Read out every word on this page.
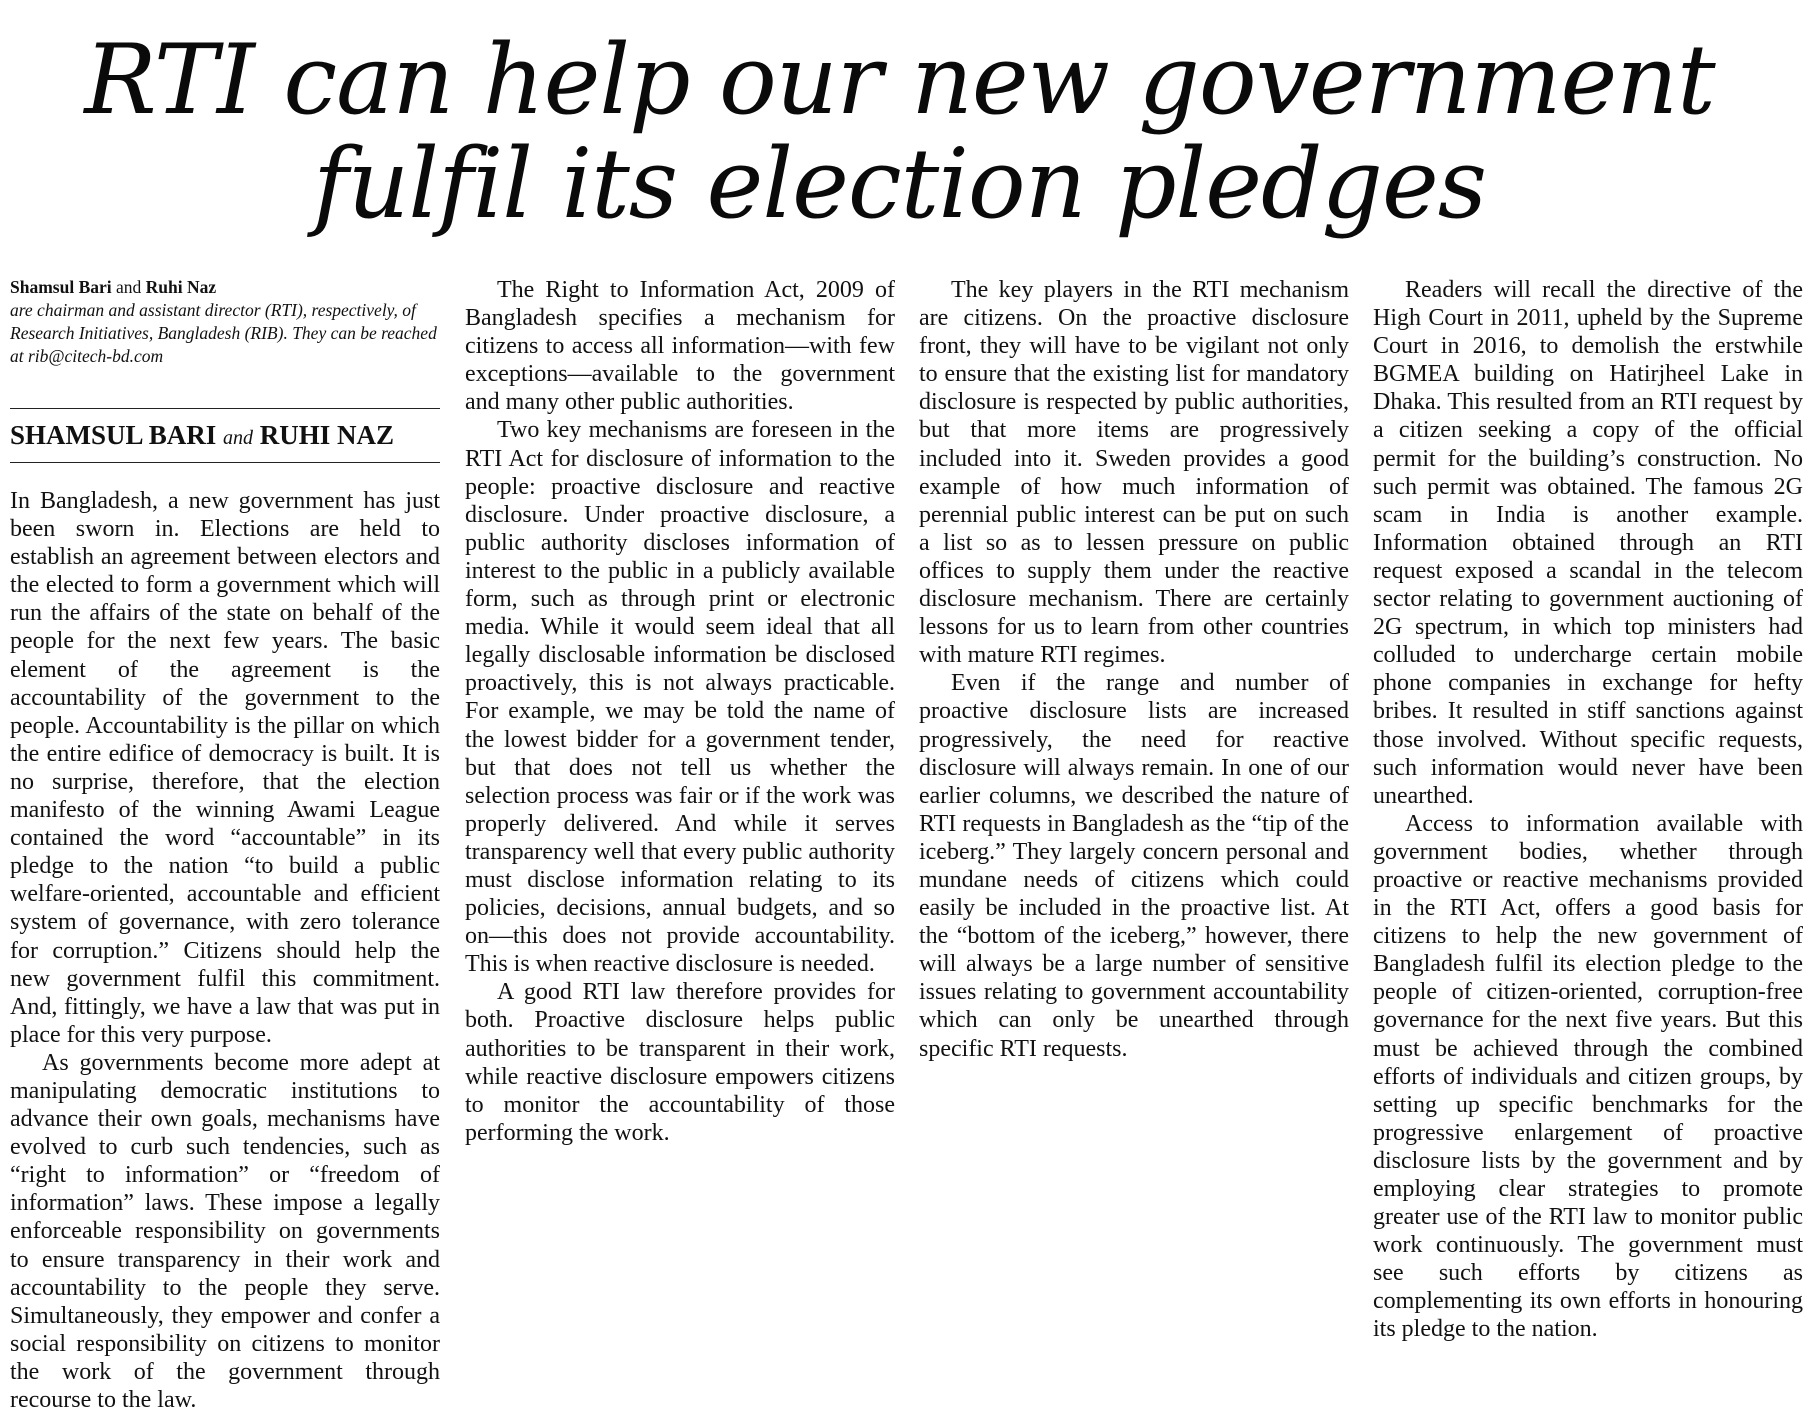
RTI can help our new government
fulfil its election pledges
Shamsul Bari and Ruhi Naz
are chairman and assistant director (RTI), respectively, of Research Initiatives, Bangladesh (RIB). They can be reached at rib@citech-bd.com
SHAMSUL BARI and RUHI NAZ

In Bangladesh, a new government has just been sworn in. Elections are held to establish an agreement between electors and the elected to form a government which will run the affairs of the state on behalf of the people for the next few years. The basic element of the agreement is the accountability of the government to the people. Accountability is the pillar on which the entire edifice of democracy is built. It is no surprise, therefore, that the election manifesto of the winning Awami League contained the word “accountable” in its pledge to the nation “to build a public welfare-oriented, accountable and efficient system of governance, with zero tolerance for corruption.” Citizens should help the new government fulfil this commitment. And, fittingly, we have a law that was put in place for this very purpose.

As governments become more adept at manipulating democratic institutions to advance their own goals, mechanisms have evolved to curb such tendencies, such as “right to information” or “freedom of information” laws. These impose a legally enforceable responsibility on governments to ensure transparency in their work and accountability to the people they serve. Simultaneously, they empower and confer a social responsibility on citizens to monitor the work of the government through recourse to the law.

The Right to Information Act, 2009 of Bangladesh specifies a mechanism for citizens to access all information—with few exceptions—available to the government and many other public authorities.

Two key mechanisms are foreseen in the RTI Act for disclosure of information to the people: proactive disclosure and reactive disclosure. Under proactive disclosure, a public authority discloses information of interest to the public in a publicly available form, such as through print or electronic media. While it would seem ideal that all legally disclosable information be disclosed proactively, this is not always practicable. For example, we may be told the name of the lowest bidder for a government tender, but that does not tell us whether the selection process was fair or if the work was properly delivered. And while it serves transparency well that every public authority must disclose information relating to its policies, decisions, annual budgets, and so on—this does not provide accountability. This is when reactive disclosure is needed.

A good RTI law therefore provides for both. Proactive disclosure helps public authorities to be transparent in their work, while reactive disclosure empowers citizens to monitor the accountability of those performing the work.

The key players in the RTI mechanism are citizens. On the proactive disclosure front, they will have to be vigilant not only to ensure that the existing list for mandatory disclosure is respected by public authorities, but that more items are progressively included into it. Sweden provides a good example of how much information of perennial public interest can be put on such a list so as to lessen pressure on public offices to supply them under the reactive disclosure mechanism. There are certainly lessons for us to learn from other countries with mature RTI regimes.

Even if the range and number of proactive disclosure lists are increased progressively, the need for reactive disclosure will always remain. In one of our earlier columns, we described the nature of RTI requests in Bangladesh as the “tip of the iceberg.” They largely concern personal and mundane needs of citizens which could easily be included in the proactive list. At the “bottom of the iceberg,” however, there will always be a large number of sensitive issues relating to government accountability which can only be unearthed through specific RTI requests.

Readers will recall the directive of the High Court in 2011, upheld by the Supreme Court in 2016, to demolish the erstwhile BGMEA building on Hatirjheel Lake in Dhaka. This resulted from an RTI request by a citizen seeking a copy of the official permit for the building’s construction. No such permit was obtained. The famous 2G scam in India is another example. Information obtained through an RTI request exposed a scandal in the telecom sector relating to government auctioning of 2G spectrum, in which top ministers had colluded to undercharge certain mobile phone companies in exchange for hefty bribes. It resulted in stiff sanctions against those involved. Without specific requests, such information would never have been unearthed.

Access to information available with government bodies, whether through proactive or reactive mechanisms provided in the RTI Act, offers a good basis for citizens to help the new government of Bangladesh fulfil its election pledge to the people of citizen-oriented, corruption-free governance for the next five years. But this must be achieved through the combined efforts of individuals and citizen groups, by setting up specific benchmarks for the progressive enlargement of proactive disclosure lists by the government and by employing clear strategies to promote greater use of the RTI law to monitor public work continuously. The government must see such efforts by citizens as complementing its own efforts in honouring its pledge to the nation.
